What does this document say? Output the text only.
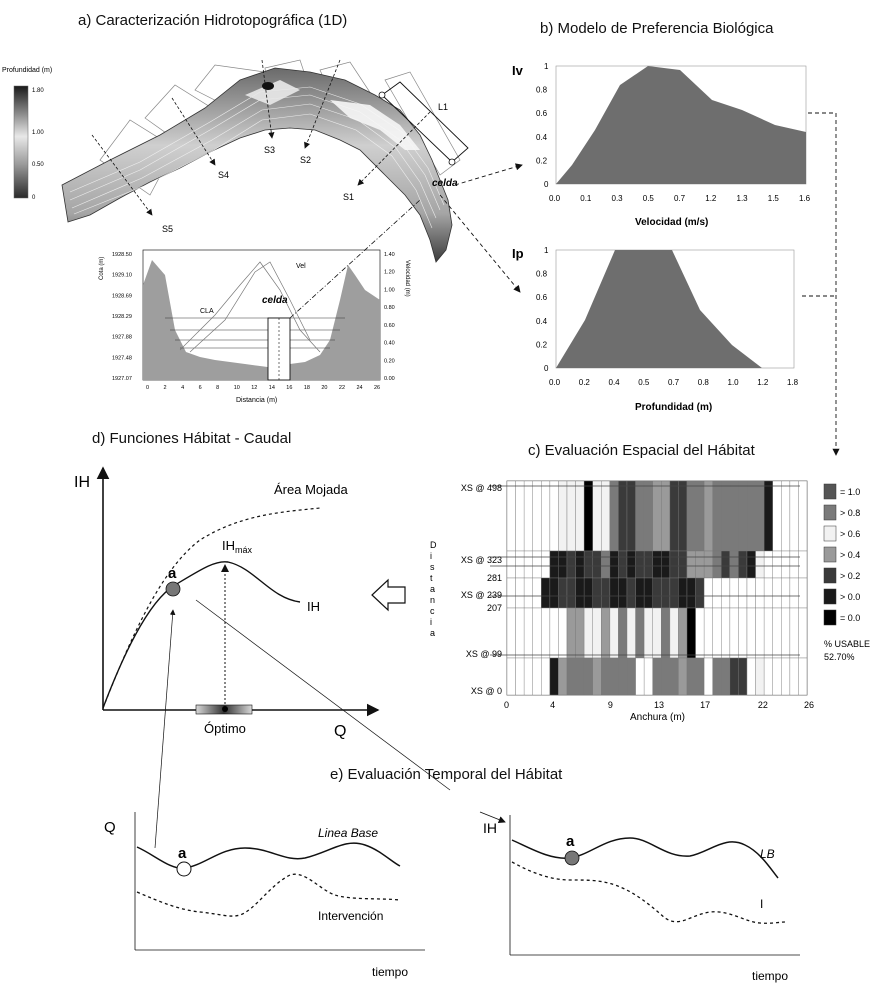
a) Caracterización Hidrotopográfica (1D)	b) Modelo de Preferencia Biológica
d) Funciones Hábitat - Caudal
c) Evaluación Espacial del Hábitat
e) Evaluación Temporal del Hábitat
Profundidad (m)
1.80
1.00
0.50
0	S1
S2
S3
S4
S5
L1
celda
celda
CLA
Vel
Cota (m)	Velocidad (m)
Distancia (m)
1928.50
1929.10
1928.69
1928.29
1927.88
1927.48
1927.07
1.40
1.20
1.00
0.80
0.60
0.40
0.20
0.00
0	2	4	6	8	10 12 14 16 18 20 22 24 26
Iv
Velocidad (m/s)
0
0.2
0.4
0.6
0.8
1
0.0	0.1	0.3	0.5	0.7	1.2	1.3	1.5	1.6
Ip
Profundidad (m)
0
0.2
0.4
0.6
0.8
1
0.0 0.2 0.4 0.5 0.7 0.8 1.0 1.2 1.8
XS @ 498
XS @ 323
281
XS @ 239
207
XS @ 99
XS @ 0
0	4	9	13	17	22	26
Anchura (m)
D
i
s
t
a
n
c
i
a
= 1.0
> 0.8
> 0.6
> 0.4
> 0.2
> 0.0
= 0.0
% USABLE
52.70%
IH
Q
Óptimo
Área Mojada
$IH_{máx}$
IH
a
Q
tiempo
a
Linea Base
Intervención
IH
tiempo
a
LB
I
